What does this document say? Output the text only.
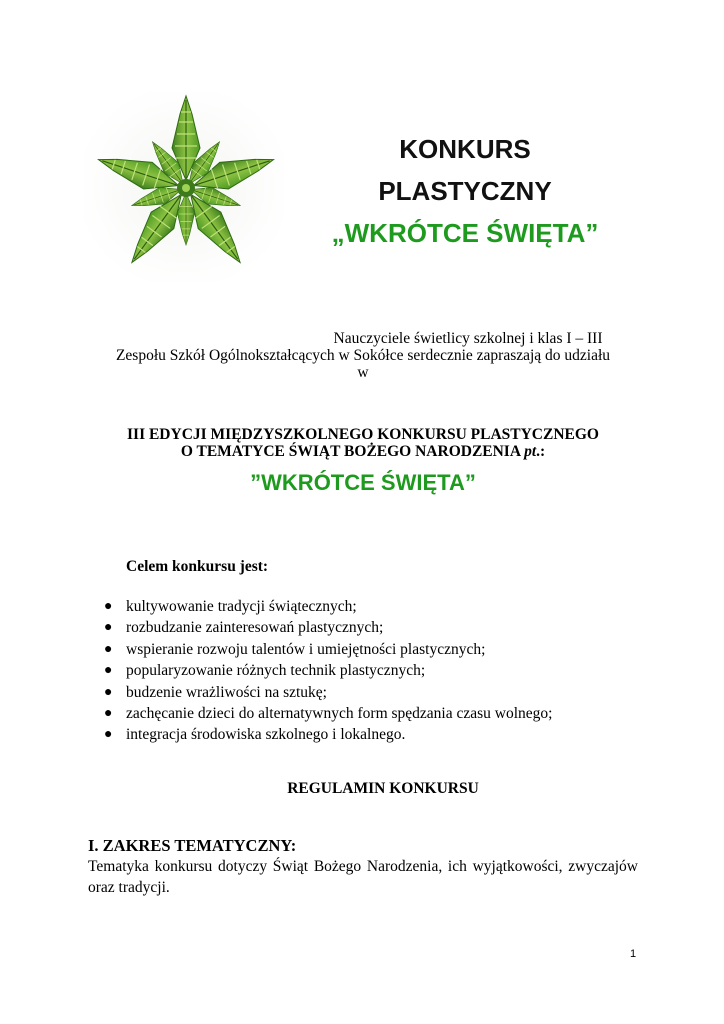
KONKURS
PLASTYCZNY
„WKRÓTCE ŚWIĘTA”
Nauczyciele świetlicy szkolnej i klas I – III
Zespołu Szkół Ogólnokształcących w Sokółce serdecznie zapraszają do udziału
w
III EDYCJI MIĘDZYSZKOLNEGO KONKURSU PLASTYCZNEGO
O TEMATYCE ŚWIĄT BOŻEGO NARODZENIA pt.:
”WKRÓTCE ŚWIĘTA”
Celem konkursu jest:
● kultywowanie tradycji świątecznych;
● rozbudzanie zainteresowań plastycznych;
● wspieranie rozwoju talentów i umiejętności plastycznych;
● popularyzowanie różnych technik plastycznych;
● budzenie wrażliwości na sztukę;
● zachęcanie dzieci do alternatywnych form spędzania czasu wolnego;
● integracja środowiska szkolnego i lokalnego.
REGULAMIN KONKURSU
I. ZAKRES TEMATYCZNY:
Tematyka konkursu dotyczy Świąt Bożego Narodzenia, ich wyjątkowości, zwyczajów oraz tradycji.
1
